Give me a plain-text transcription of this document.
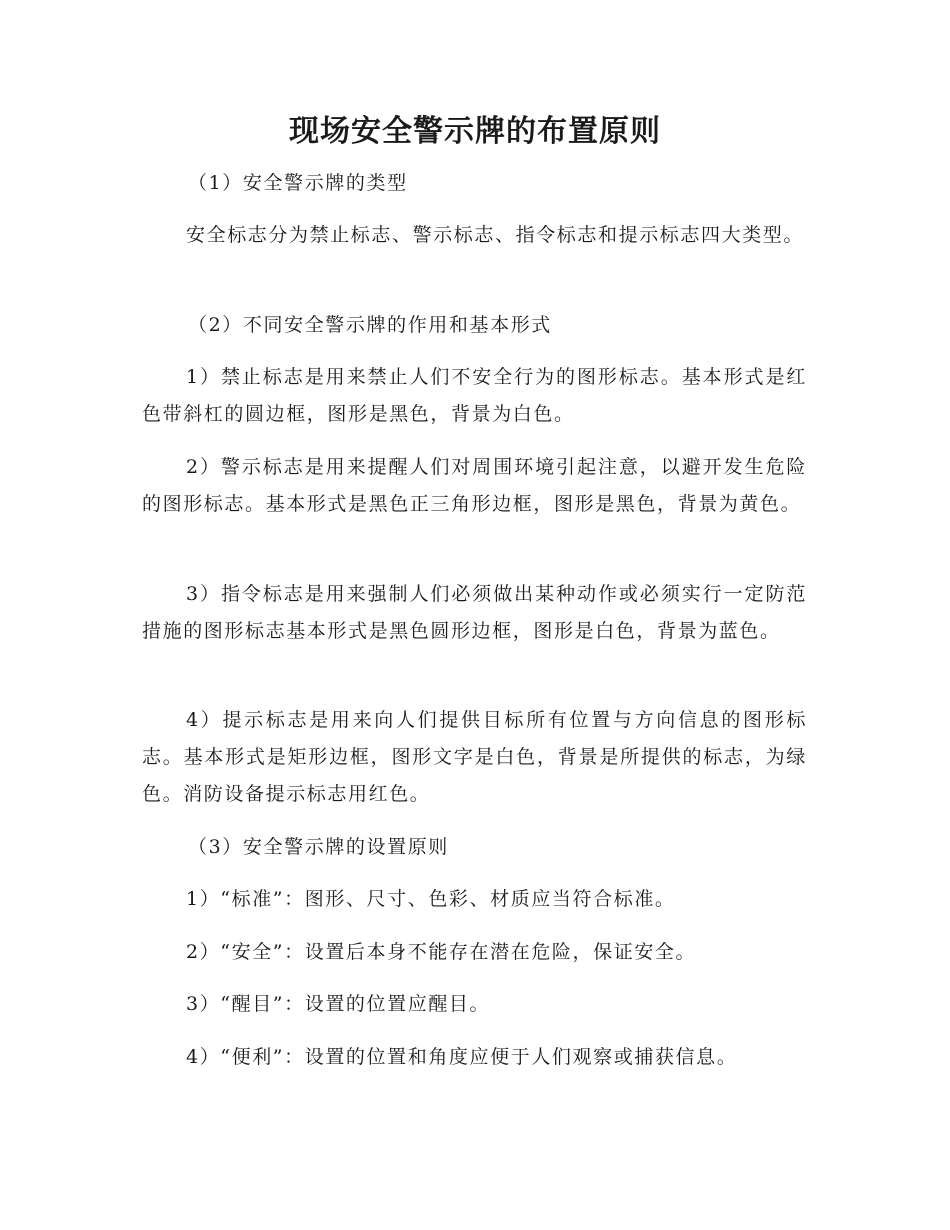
现场安全警示牌的布置原则

（1）安全警示牌的类型

安全标志分为禁止标志、警示标志、指令标志和提示标志四大类型。

（2）不同安全警示牌的作用和基本形式

1）禁止标志是用来禁止人们不安全行为的图形标志。基本形式是红色带斜杠的圆边框，图形是黑色，背景为白色。

2）警示标志是用来提醒人们对周围环境引起注意，以避开发生危险的图形标志。基本形式是黑色正三角形边框，图形是黑色，背景为黄色。

3）指令标志是用来强制人们必须做出某种动作或必须实行一定防范措施的图形标志基本形式是黑色圆形边框，图形是白色，背景为蓝色。

4）提示标志是用来向人们提供目标所有位置与方向信息的图形标志。基本形式是矩形边框，图形文字是白色，背景是所提供的标志，为绿色。消防设备提示标志用红色。

（3）安全警示牌的设置原则

1）“标准”：图形、尺寸、色彩、材质应当符合标准。

2）“安全”：设置后本身不能存在潜在危险，保证安全。

3）“醒目”：设置的位置应醒目。

4）“便利”：设置的位置和角度应便于人们观察或捕获信息。
